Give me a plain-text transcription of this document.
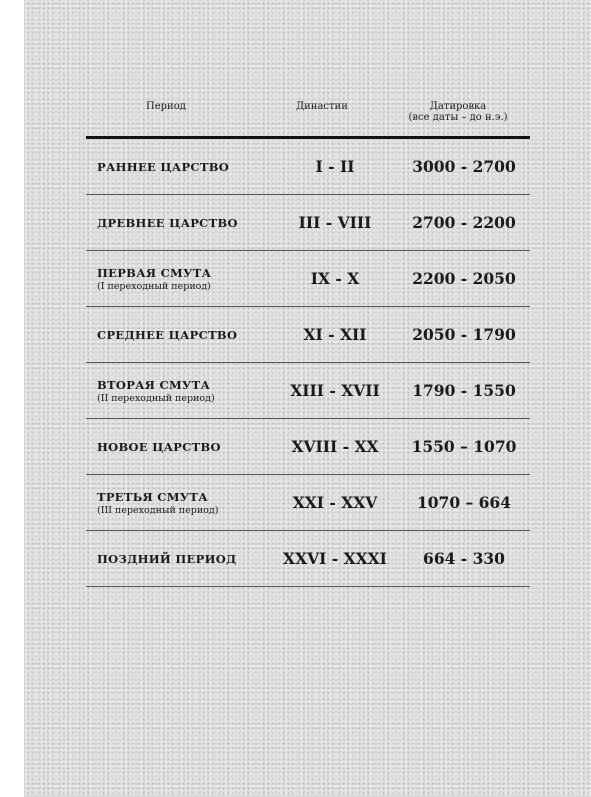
Период	Династии	Датировка
(все даты – до н.э.)
РАННЕЕ ЦАРСТВО	I - II	3000 - 2700
ДРЕВНЕЕ ЦАРСТВО	III - VIII	2700 - 2200
ПЕРВАЯ СМУТА
(I переходный период)	IX - X	2200 - 2050
СРЕДНЕЕ ЦАРСТВО	XI - XII	2050 - 1790
ВТОРАЯ СМУТА
(II переходный период)	XIII - XVII	1790 - 1550
НОВОЕ ЦАРСТВО	XVIII - XX	1550 – 1070
ТРЕТЬЯ СМУТА
(III переходный период)	XXI - XXV	1070 – 664
ПОЗДНИЙ ПЕРИОД	XXVI - XXXI	664 - 330
